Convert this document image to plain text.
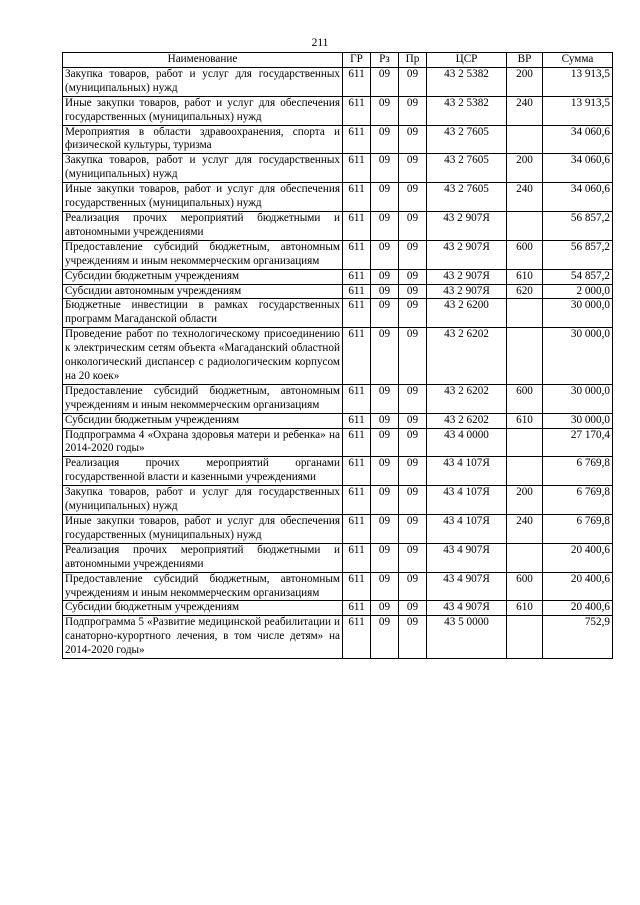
211
Наименование	ГР	Рз	Пр	ЦСР	ВР	Сумма
Закупка товаров, работ и услуг для государственных (муниципальных) нужд	611	09	09	43 2 5382	200	13 913,5
Иные закупки товаров, работ и услуг для обеспечения государственных (муниципальных) нужд	611	09	09	43 2 5382	240	13 913,5
Мероприятия в области здравоохранения, спорта и физической культуры, туризма	611	09	09	43 2 7605		34 060,6
Закупка товаров, работ и услуг для государственных (муниципальных) нужд	611	09	09	43 2 7605	200	34 060,6
Иные закупки товаров, работ и услуг для обеспечения государственных (муниципальных) нужд	611	09	09	43 2 7605	240	34 060,6
Реализация прочих мероприятий бюджетными и автономными учреждениями	611	09	09	43 2 907Я		56 857,2
Предоставление субсидий бюджетным, автономным учреждениям и иным некоммерческим организациям	611	09	09	43 2 907Я	600	56 857,2
Субсидии бюджетным учреждениям	611	09	09	43 2 907Я	610	54 857,2
Субсидии автономным учреждениям	611	09	09	43 2 907Я	620	2 000,0
Бюджетные инвестиции в рамках государственных программ Магаданской области	611	09	09	43 2 6200		30 000,0
Проведение работ по технологическому присоединению к электрическим сетям объекта «Магаданский областной онкологический диспансер с радиологическим корпусом на 20 коек»	611	09	09	43 2 6202		30 000,0
Предоставление субсидий бюджетным, автономным учреждениям и иным некоммерческим организациям	611	09	09	43 2 6202	600	30 000,0
Субсидии бюджетным учреждениям	611	09	09	43 2 6202	610	30 000,0
Подпрограмма 4 «Охрана здоровья матери и ребенка» на 2014-2020 годы»	611	09	09	43 4 0000		27 170,4
Реализация прочих мероприятий органами государственной власти и казенными учреждениями	611	09	09	43 4 107Я		6 769,8
Закупка товаров, работ и услуг для государственных (муниципальных) нужд	611	09	09	43 4 107Я	200	6 769,8
Иные закупки товаров, работ и услуг для обеспечения государственных (муниципальных) нужд	611	09	09	43 4 107Я	240	6 769,8
Реализация прочих мероприятий бюджетными и автономными учреждениями	611	09	09	43 4 907Я		20 400,6
Предоставление субсидий бюджетным, автономным учреждениям и иным некоммерческим организациям	611	09	09	43 4 907Я	600	20 400,6
Субсидии бюджетным учреждениям	611	09	09	43 4 907Я	610	20 400,6
Подпрограмма 5 «Развитие медицинской реабилитации и санаторно-курортного лечения, в том числе детям» на 2014-2020 годы»	611	09	09	43 5 0000		752,9
